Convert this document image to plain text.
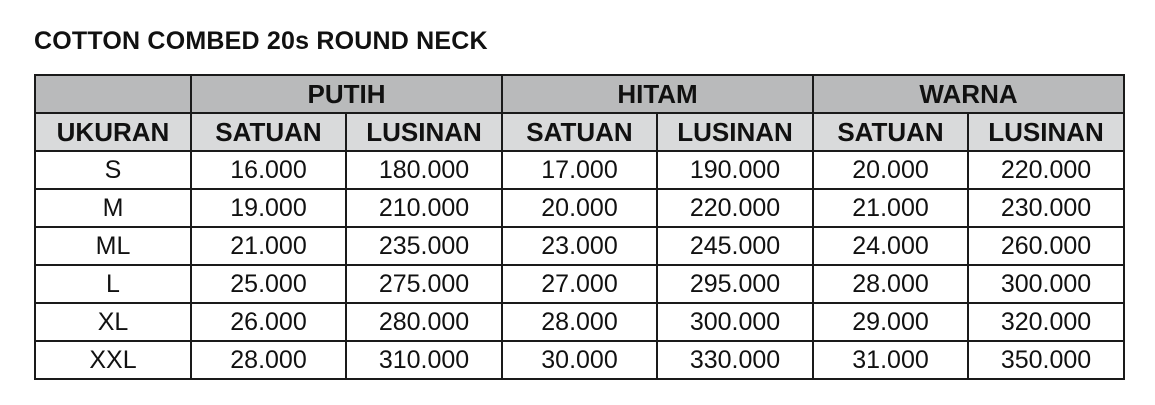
COTTON COMBED 20s ROUND NECK
	PUTIH		HITAM		WARNA	
UKURAN	SATUAN	LUSINAN	SATUAN	LUSINAN	SATUAN	LUSINAN
S	16.000	180.000	17.000	190.000	20.000	220.000
M	19.000	210.000	20.000	220.000	21.000	230.000
ML	21.000	235.000	23.000	245.000	24.000	260.000
L	25.000	275.000	27.000	295.000	28.000	300.000
XL	26.000	280.000	28.000	300.000	29.000	320.000
XXL	28.000	310.000	30.000	330.000	31.000	350.000
